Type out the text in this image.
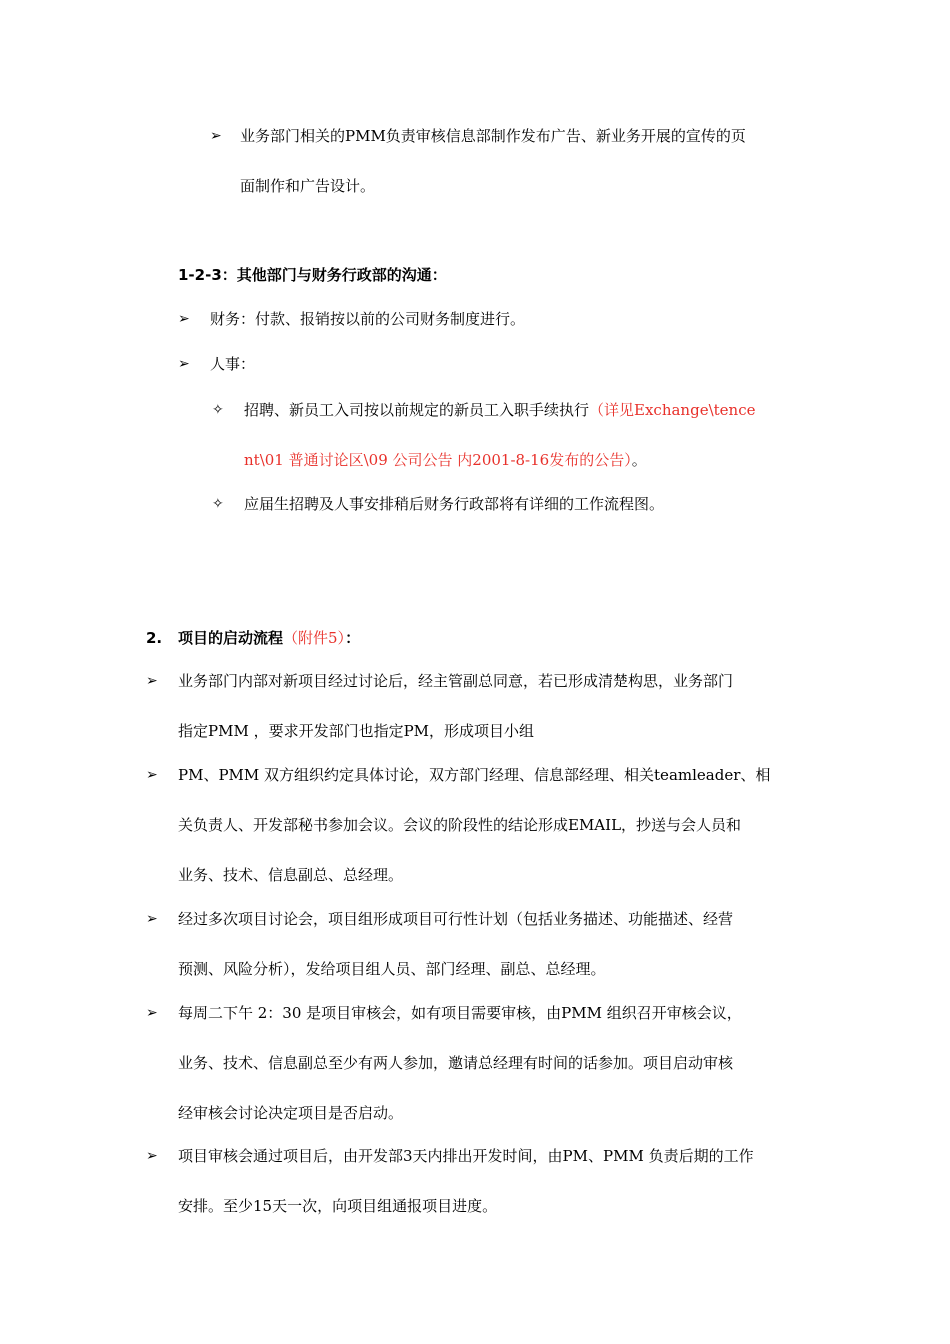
➢ 业务部门相关的PMM负责审核信息部制作发布广告、新业务开展的宣传的页
面制作和广告设计。
1-2-3：其他部门与财务行政部的沟通：
➢ 财务：付款、报销按以前的公司财务制度进行。
➢ 人事：
✧ 招聘、新员工入司按以前规定的新员工入职手续执行（详见Exchange\tence
nt\01 普通讨论区\09 公司公告 内2001-8-16发布的公告）。
✧ 应届生招聘及人事安排稍后财务行政部将有详细的工作流程图。
2. 项目的启动流程（附件5）：
➢ 业务部门内部对新项目经过讨论后，经主管副总同意，若已形成清楚构思，业务部门
指定PMM ，要求开发部门也指定PM，形成项目小组
➢ PM、PMM 双方组织约定具体讨论，双方部门经理、信息部经理、相关teamleader、相
关负责人、开发部秘书参加会议。会议的阶段性的结论形成EMAIL，抄送与会人员和
业务、技术、信息副总、总经理。
➢ 经过多次项目讨论会，项目组形成项目可行性计划（包括业务描述、功能描述、经营
预测、风险分析），发给项目组人员、部门经理、副总、总经理。
➢ 每周二下午 2：30 是项目审核会，如有项目需要审核，由PMM 组织召开审核会议，
业务、技术、信息副总至少有两人参加，邀请总经理有时间的话参加。项目启动审核
经审核会讨论决定项目是否启动。
➢ 项目审核会通过项目后，由开发部3天内排出开发时间，由PM、PMM 负责后期的工作
安排。至少15天一次，向项目组通报项目进度。
